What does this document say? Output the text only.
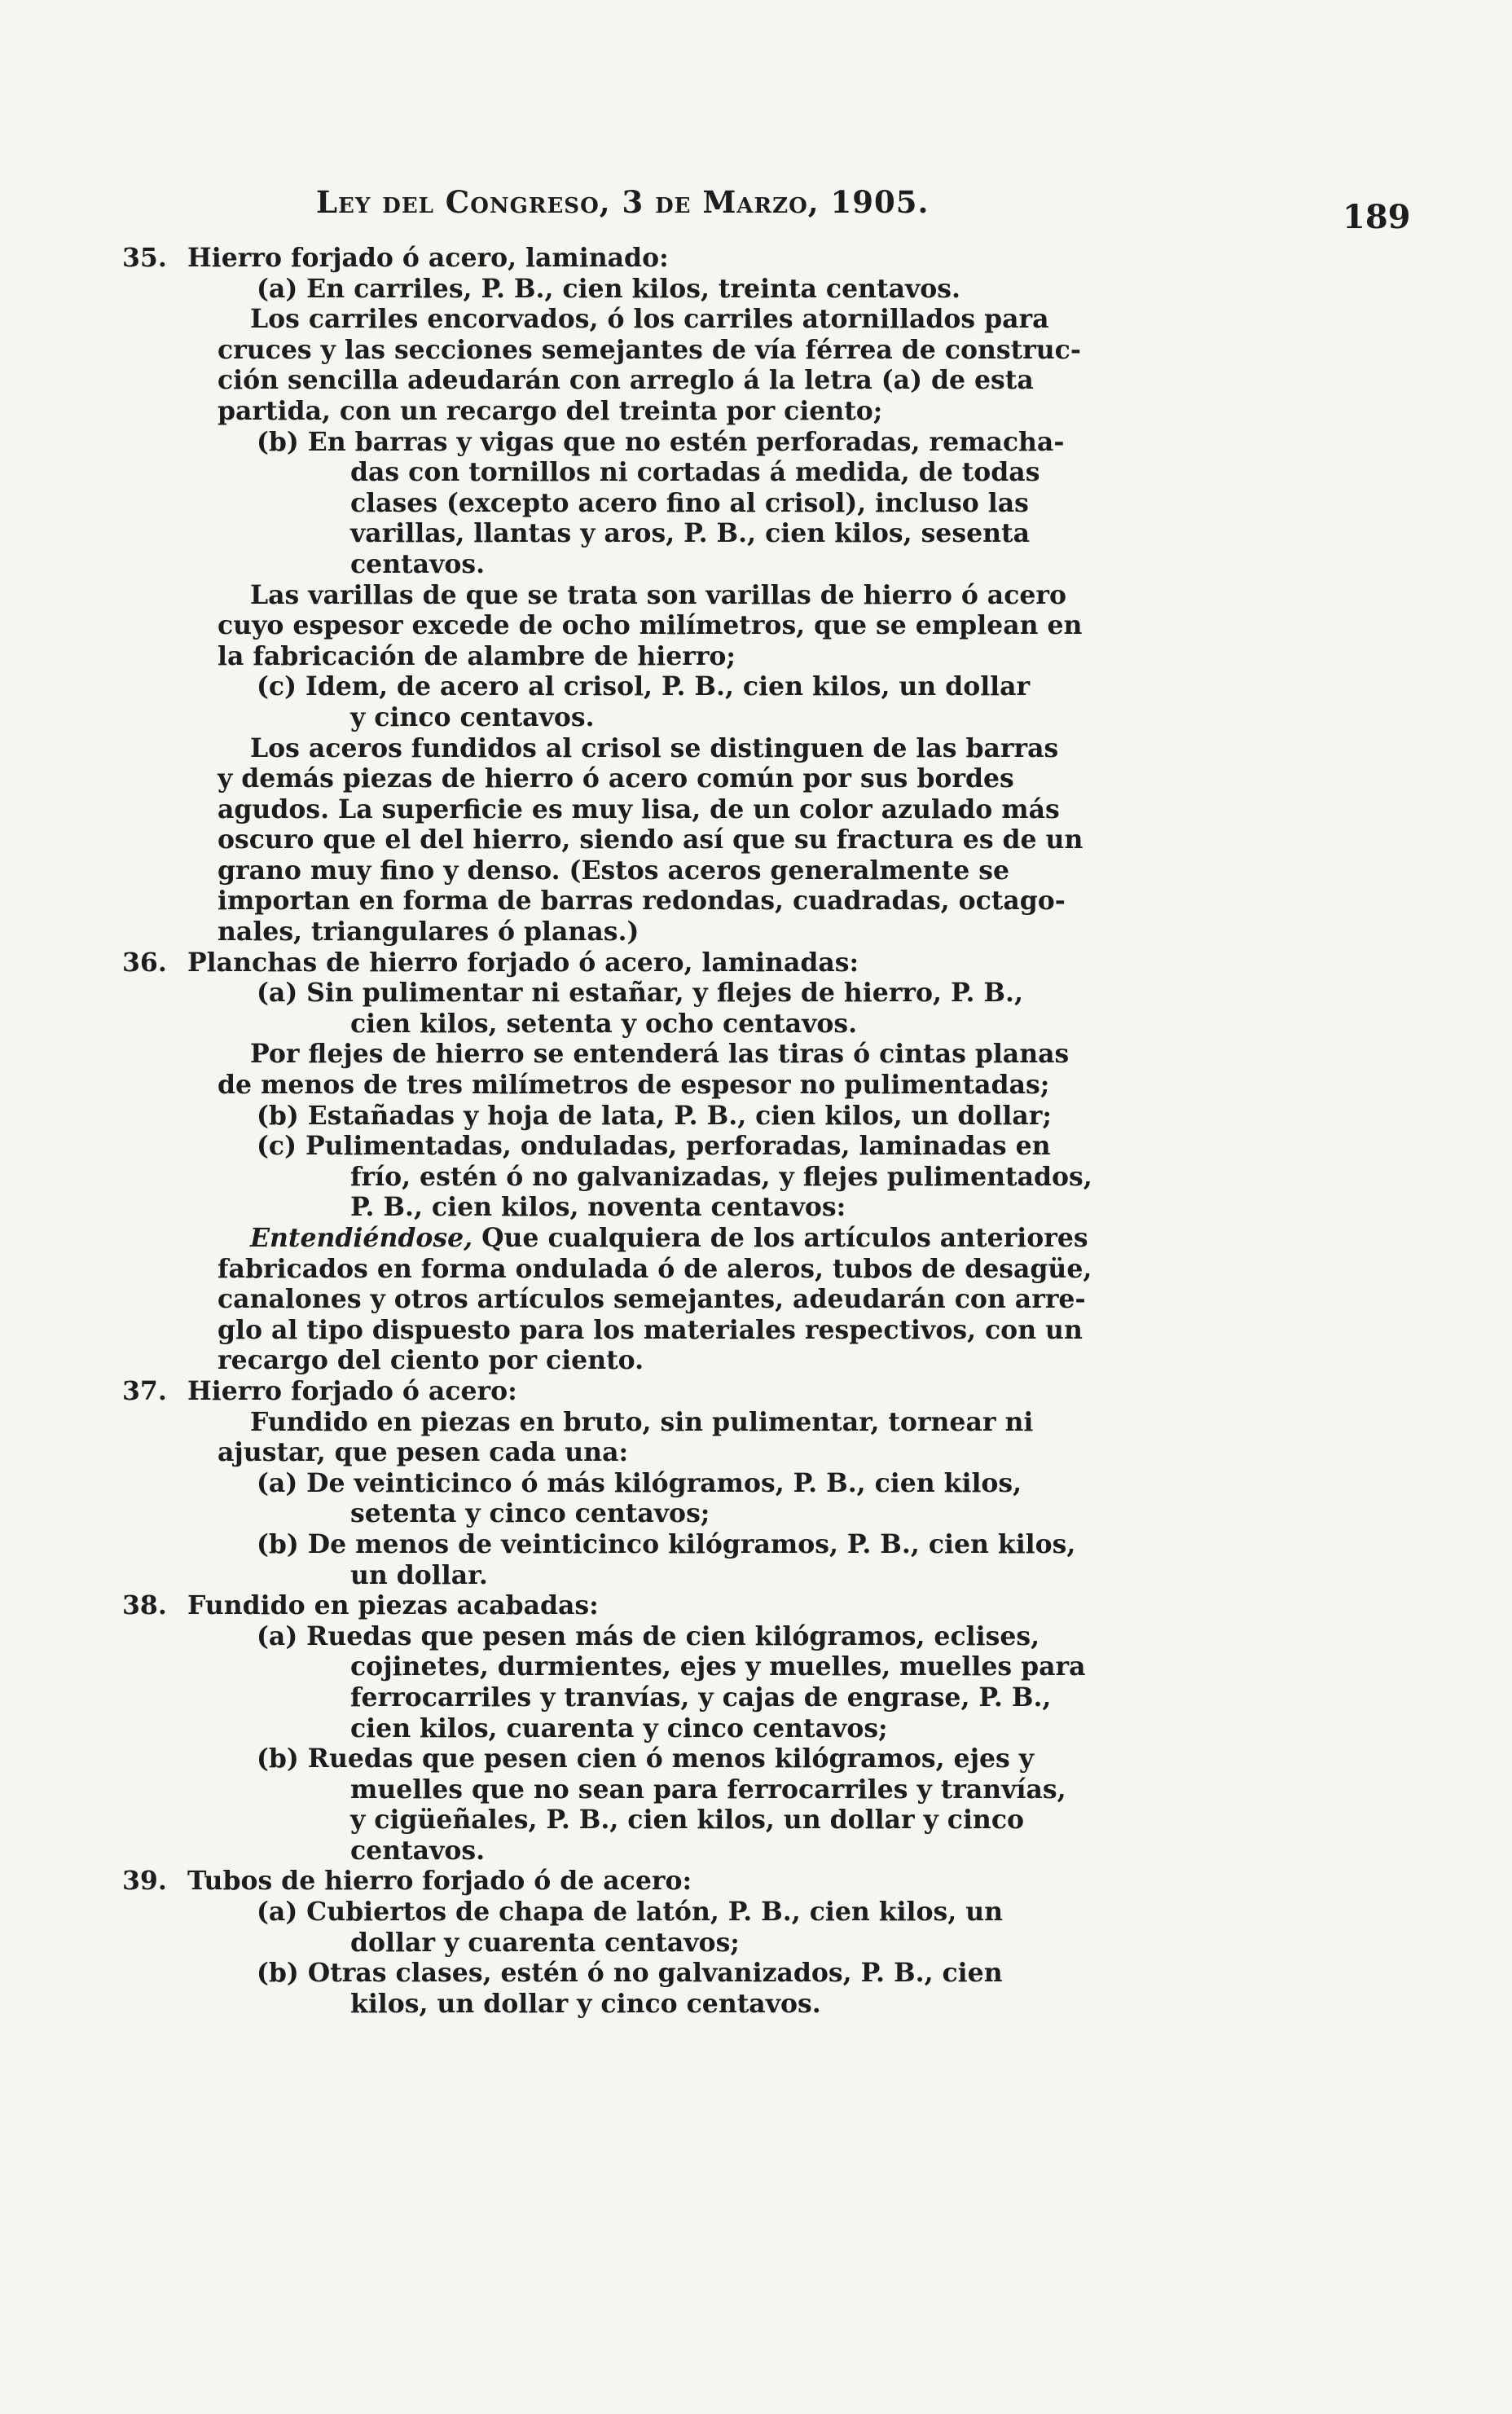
Ley del Congreso, 3 de Marzo, 1905.	189
35. Hierro forjado ó acero, laminado:
(a) En carriles, P. B., cien kilos, treinta centavos.
Los carriles encorvados, ó los carriles atornillados para
cruces y las secciones semejantes de vía férrea de construc-
ción sencilla adeudarán con arreglo á la letra (a) de esta
partida, con un recargo del treinta por ciento;
(b) En barras y vigas que no estén perforadas, remacha-
das con tornillos ni cortadas á medida, de todas
clases (excepto acero fino al crisol), incluso las
varillas, llantas y aros, P. B., cien kilos, sesenta
centavos.
Las varillas de que se trata son varillas de hierro ó acero
cuyo espesor excede de ocho milímetros, que se emplean en
la fabricación de alambre de hierro;
(c) Idem, de acero al crisol, P. B., cien kilos, un dollar
y cinco centavos.
Los aceros fundidos al crisol se distinguen de las barras
y demás piezas de hierro ó acero común por sus bordes
agudos. La superficie es muy lisa, de un color azulado más
oscuro que el del hierro, siendo así que su fractura es de un
grano muy fino y denso. (Estos aceros generalmente se
importan en forma de barras redondas, cuadradas, octago-
nales, triangulares ó planas.)
36. Planchas de hierro forjado ó acero, laminadas:
(a) Sin pulimentar ni estañar, y flejes de hierro, P. B.,
cien kilos, setenta y ocho centavos.
Por flejes de hierro se entenderá las tiras ó cintas planas
de menos de tres milímetros de espesor no pulimentadas;
(b) Estañadas y hoja de lata, P. B., cien kilos, un dollar;
(c) Pulimentadas, onduladas, perforadas, laminadas en
frío, estén ó no galvanizadas, y flejes pulimentados,
P. B., cien kilos, noventa centavos:
Entendiéndose, Que cualquiera de los artículos anteriores
fabricados en forma ondulada ó de aleros, tubos de desagüe,
canalones y otros artículos semejantes, adeudarán con arre-
glo al tipo dispuesto para los materiales respectivos, con un
recargo del ciento por ciento.
37. Hierro forjado ó acero:
Fundido en piezas en bruto, sin pulimentar, tornear ni
ajustar, que pesen cada una:
(a) De veinticinco ó más kilógramos, P. B., cien kilos,
setenta y cinco centavos;
(b) De menos de veinticinco kilógramos, P. B., cien kilos,
un dollar.
38. Fundido en piezas acabadas:
(a) Ruedas que pesen más de cien kilógramos, eclises,
cojinetes, durmientes, ejes y muelles, muelles para
ferrocarriles y tranvías, y cajas de engrase, P. B.,
cien kilos, cuarenta y cinco centavos;
(b) Ruedas que pesen cien ó menos kilógramos, ejes y
muelles que no sean para ferrocarriles y tranvías,
y cigüeñales, P. B., cien kilos, un dollar y cinco
centavos.
39. Tubos de hierro forjado ó de acero:
(a) Cubiertos de chapa de latón, P. B., cien kilos, un
dollar y cuarenta centavos;
(b) Otras clases, estén ó no galvanizados, P. B., cien
kilos, un dollar y cinco centavos.
